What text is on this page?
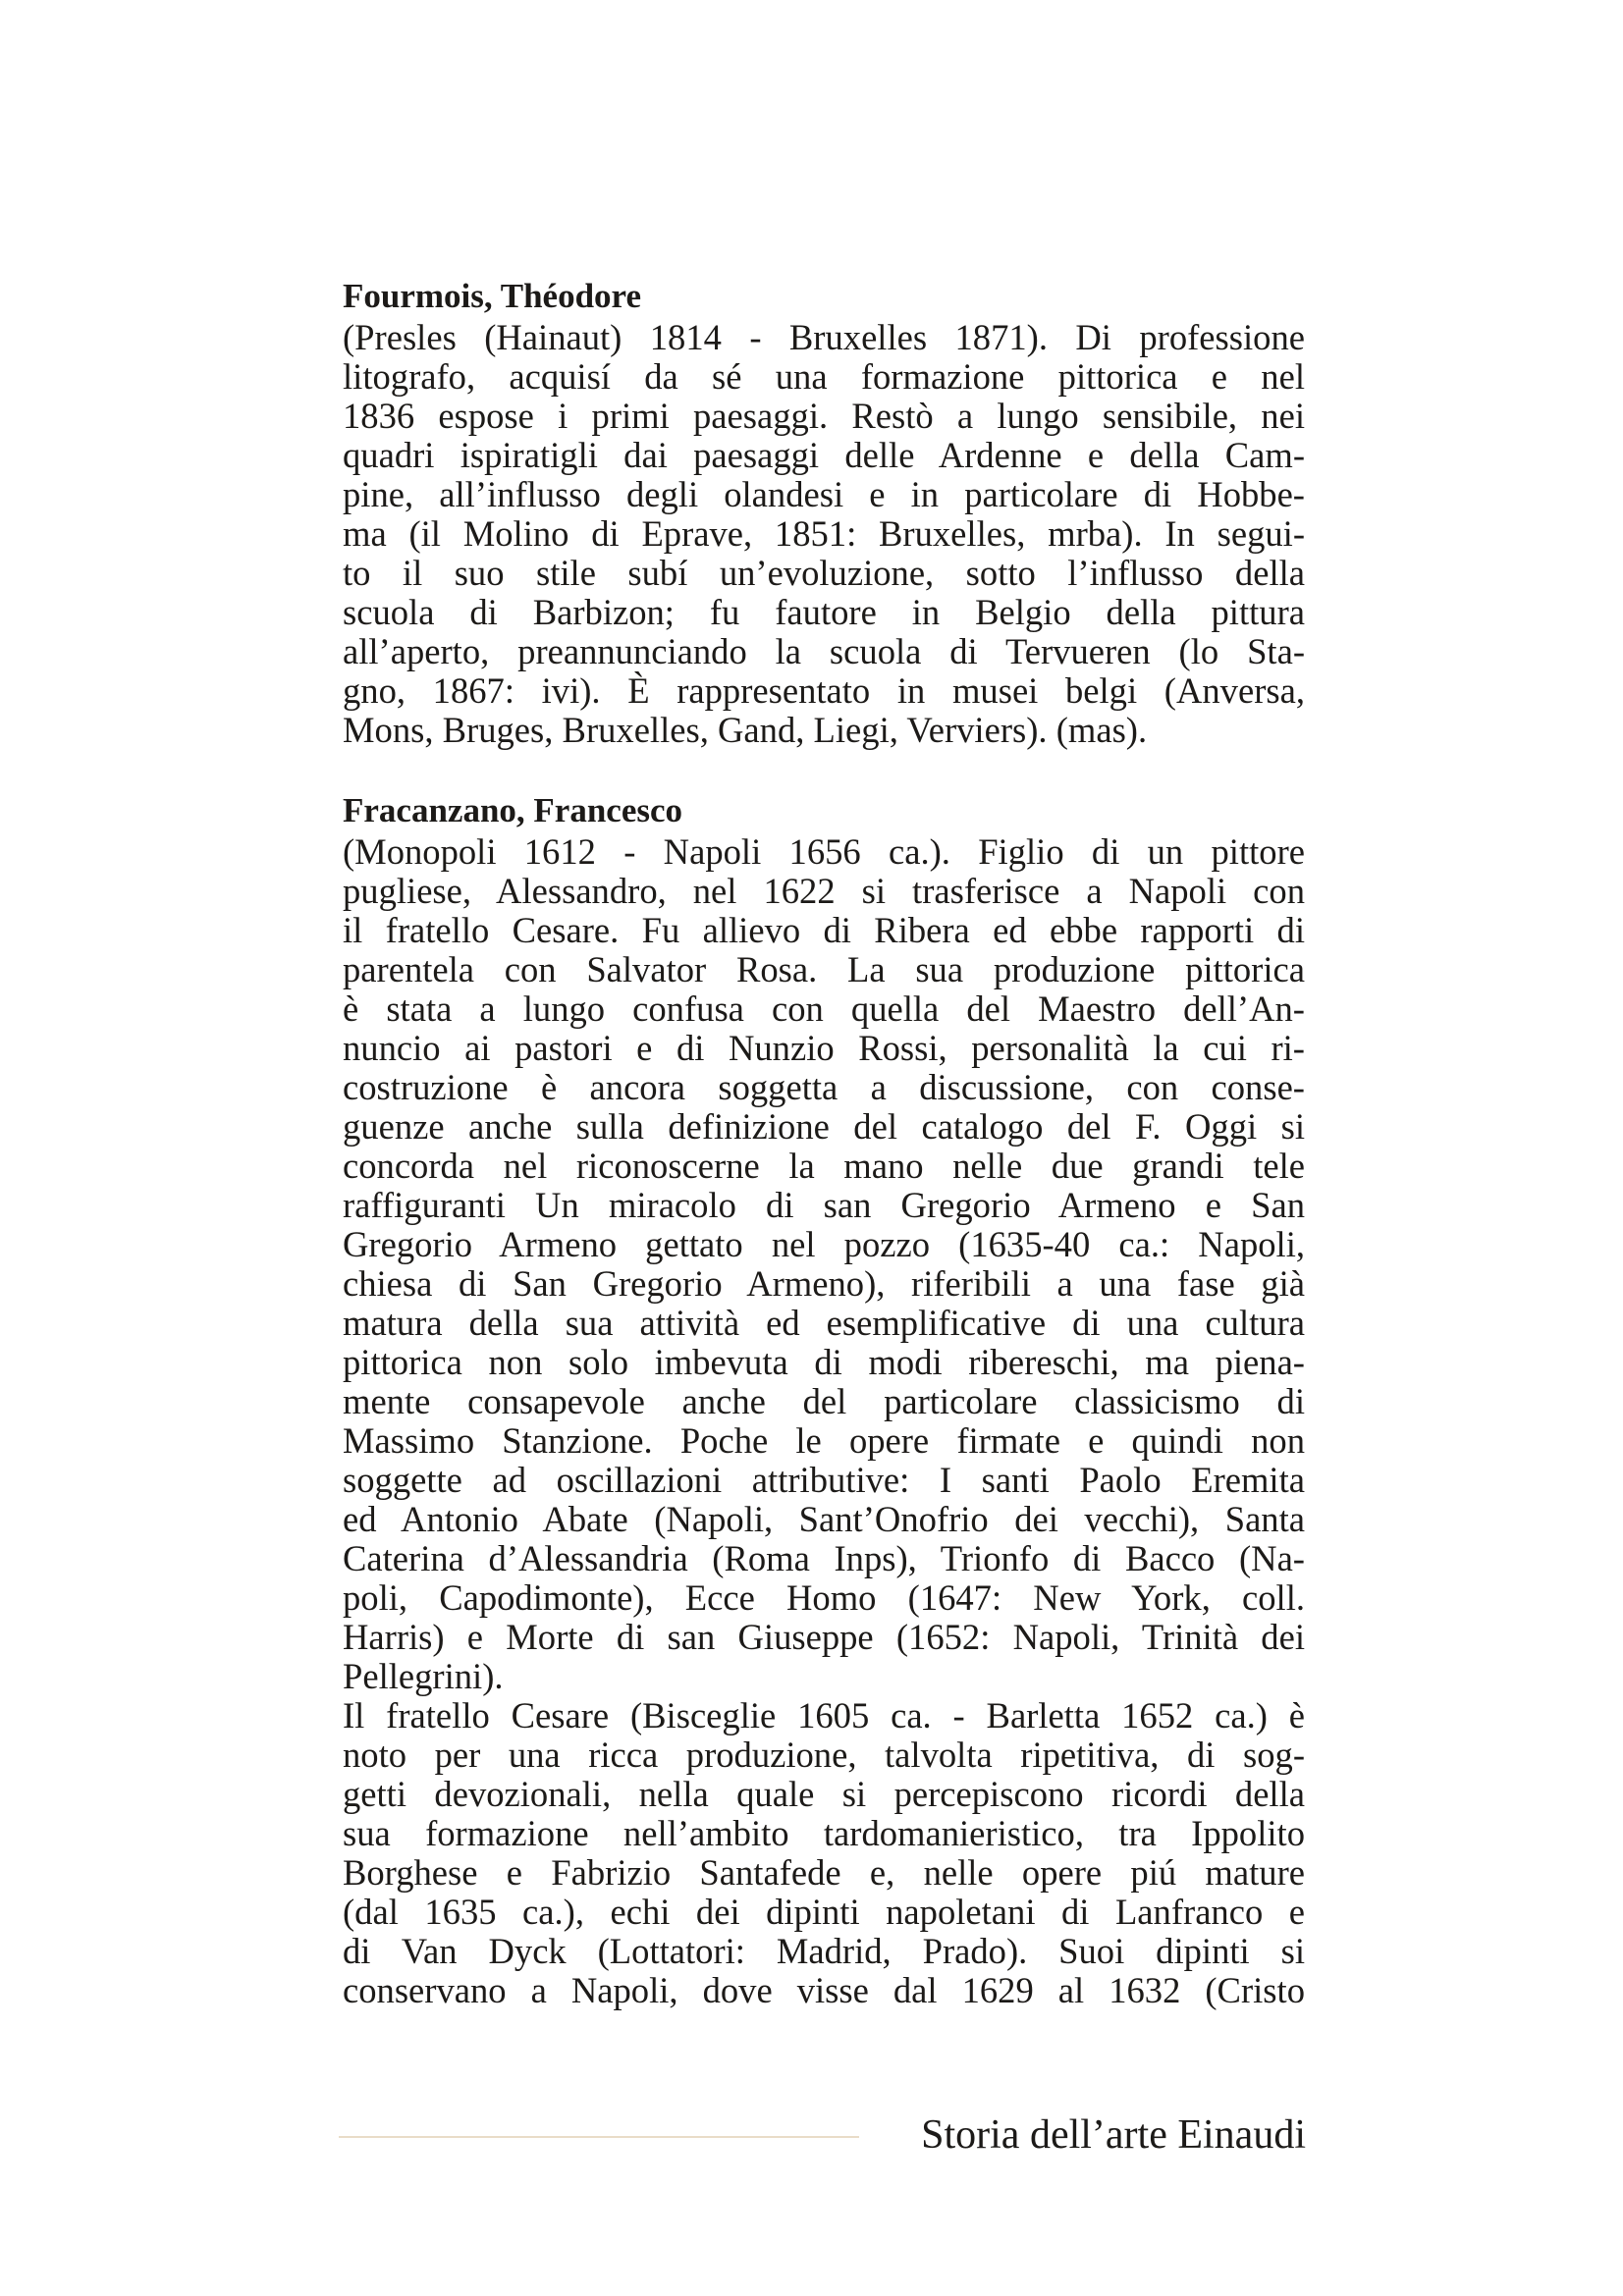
Fourmois, Théodore
(Presles (Hainaut) 1814 - Bruxelles 1871). Di professione
litografo, acquisí da sé una formazione pittorica e nel
1836 espose i primi paesaggi. Restò a lungo sensibile, nei
quadri ispiratigli dai paesaggi delle Ardenne e della Cam-
pine, all’influsso degli olandesi e in particolare di Hobbe-
ma (il Molino di Eprave, 1851: Bruxelles, mrba). In segui-
to il suo stile subí un’evoluzione, sotto l’influsso della
scuola di Barbizon; fu fautore in Belgio della pittura
all’aperto, preannunciando la scuola di Tervueren (lo Sta-
gno, 1867: ivi). È rappresentato in musei belgi (Anversa,
Mons, Bruges, Bruxelles, Gand, Liegi, Verviers). (mas).
Fracanzano, Francesco
(Monopoli 1612 - Napoli 1656 ca.). Figlio di un pittore
pugliese, Alessandro, nel 1622 si trasferisce a Napoli con
il fratello Cesare. Fu allievo di Ribera ed ebbe rapporti di
parentela con Salvator Rosa. La sua produzione pittorica
è stata a lungo confusa con quella del Maestro dell’An-
nuncio ai pastori e di Nunzio Rossi, personalità la cui ri-
costruzione è ancora soggetta a discussione, con conse-
guenze anche sulla definizione del catalogo del F. Oggi si
concorda nel riconoscerne la mano nelle due grandi tele
raffiguranti Un miracolo di san Gregorio Armeno e San
Gregorio Armeno gettato nel pozzo (1635-40 ca.: Napoli,
chiesa di San Gregorio Armeno), riferibili a una fase già
matura della sua attività ed esemplificative di una cultura
pittorica non solo imbevuta di modi ribereschi, ma piena-
mente consapevole anche del particolare classicismo di
Massimo Stanzione. Poche le opere firmate e quindi non
soggette ad oscillazioni attributive: I santi Paolo Eremita
ed Antonio Abate (Napoli, Sant’Onofrio dei vecchi), Santa
Caterina d’Alessandria (Roma Inps), Trionfo di Bacco (Na-
poli, Capodimonte), Ecce Homo (1647: New York, coll.
Harris) e Morte di san Giuseppe (1652: Napoli, Trinità dei
Pellegrini).
Il fratello Cesare (Bisceglie 1605 ca. - Barletta 1652 ca.) è
noto per una ricca produzione, talvolta ripetitiva, di sog-
getti devozionali, nella quale si percepiscono ricordi della
sua formazione nell’ambito tardomanieristico, tra Ippolito
Borghese e Fabrizio Santafede e, nelle opere piú mature
(dal 1635 ca.), echi dei dipinti napoletani di Lanfranco e
di Van Dyck (Lottatori: Madrid, Prado). Suoi dipinti si
conservano a Napoli, dove visse dal 1629 al 1632 (Cristo
Storia dell’arte Einaudi
